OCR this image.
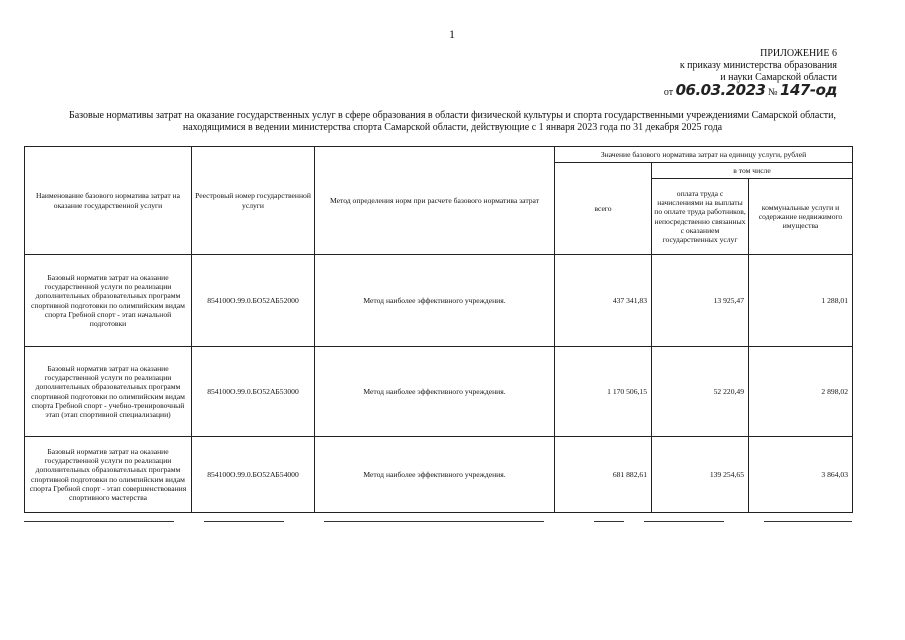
1
ПРИЛОЖЕНИЕ 6
к приказу министерства образования
и науки Самарской области
от 06.03.2023 № 147-од
Базовые нормативы затрат на оказание государственных услуг в сфере образования в области физической культуры и спорта государственными учреждениями Самарской области,
находящимися в ведении министерства спорта Самарской области, действующие с 1 января 2023 года по 31 декабря 2025 года
Наименование базового норматива затрат на оказание государственной услуги	Реестровый номер государственной услуги	Метод определения норм при расчете базового норматива затрат	Значение базового норматива затрат на единицу услуги, рублей		
			всего	в том числе	
				оплата труда с начислениями на выплаты по оплате труда работников, непосредственно связанных с оказанием государственных услуг	коммунальные услуги и содержание недвижимого имущества
Базовый норматив затрат на оказание государственной услуги по реализации дополнительных образовательных программ спортивной подготовки по олимпийским видам спорта Гребной спорт - этап начальной подготовки	854100О.99.0.БО52АБ52000	Метод наиболее эффективного учреждения.	437 341,83	13 925,47	1 288,01
Базовый норматив затрат на оказание государственной услуги по реализации дополнительных образовательных программ спортивной подготовки по олимпийским видам спорта Гребной спорт - учебно-тренировочный этап (этап спортивной специализации)	854100О.99.0.БО52АБ53000	Метод наиболее эффективного учреждения.	1 170 506,15	52 220,49	2 898,02
Базовый норматив затрат на оказание государственной услуги по реализации дополнительных образовательных программ спортивной подготовки по олимпийским видам спорта Гребной спорт - этап совершенствования спортивного мастерства	854100О.99.0.БО52АБ54000	Метод наиболее эффективного учреждения.	681 882,61	139 254,65	3 864,03
